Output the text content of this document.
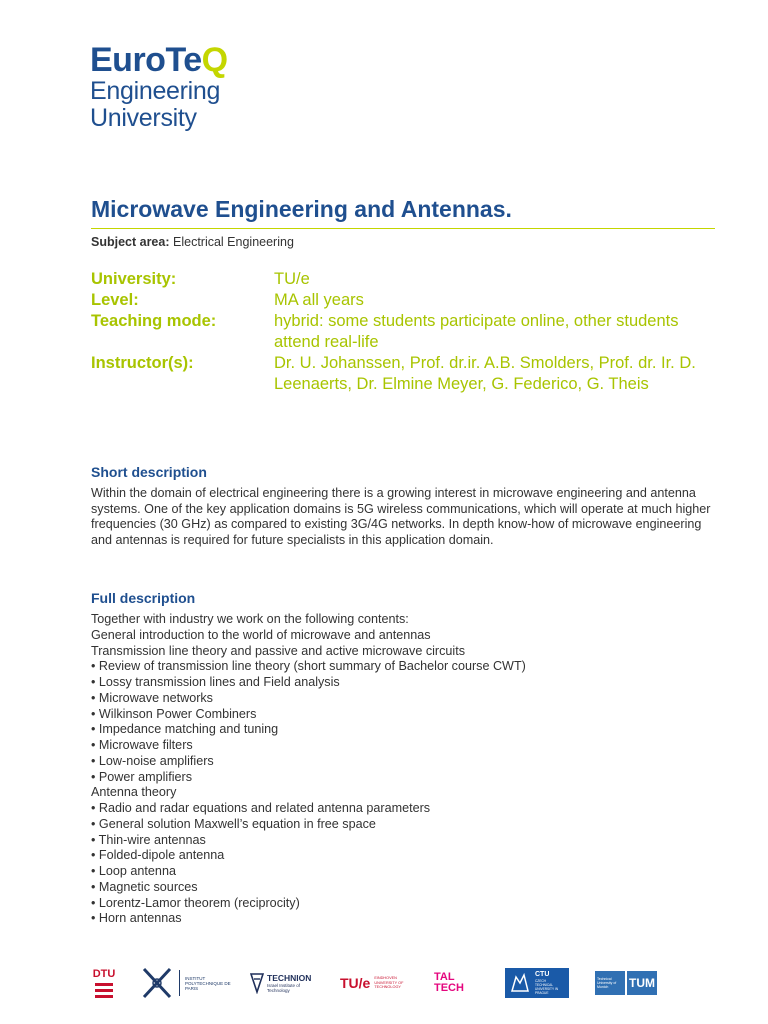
EuroTeQ
Engineering
University
Microwave Engineering and Antennas.
Subject area: Electrical Engineering
University:	TU/e
Level:	MA all years
Teaching mode:	hybrid: some students participate online, other students attend real-life
Instructor(s):	Dr. U. Johanssen, Prof. dr.ir. A.B. Smolders, Prof. dr. Ir. D. Leenaerts, Dr. Elmine Meyer, G. Federico, G. Theis
Short description
Within the domain of electrical engineering there is a growing interest in microwave engineering and antenna systems. One of the key application domains is 5G wireless communications, which will operate at much higher frequencies (30 GHz) as compared to existing 3G/4G networks. In depth know-how of microwave engineering and antennas is required for future specialists in this application domain.
Full description
Together with industry we work on the following contents:
General introduction to the world of microwave and antennas
Transmission line theory and passive and active microwave circuits
• Review of transmission line theory (short summary of Bachelor course CWT)
• Lossy transmission lines and Field analysis
• Microwave networks
• Wilkinson Power Combiners
• Impedance matching and tuning
• Microwave filters
• Low-noise amplifiers
• Power amplifiers
Antenna theory
• Radio and radar equations and related antenna parameters
• General solution Maxwell’s equation in free space
• Thin-wire antennas
• Folded-dipole antenna
• Loop antenna
• Magnetic sources
• Lorentz-Lamor theorem (reciprocity)
• Horn antennas
DTU	INSTITUT POLYTECHNIQUE DE PARIS
TECHNION
Israel Institute of Technology	TU/e EINDHOVEN UNIVERSITY OF TECHNOLOGY
TAL
TECH
CTU
CZECH TECHNICAL UNIVERSITY IN PRAGUE
Technical University of Munich	TUM
